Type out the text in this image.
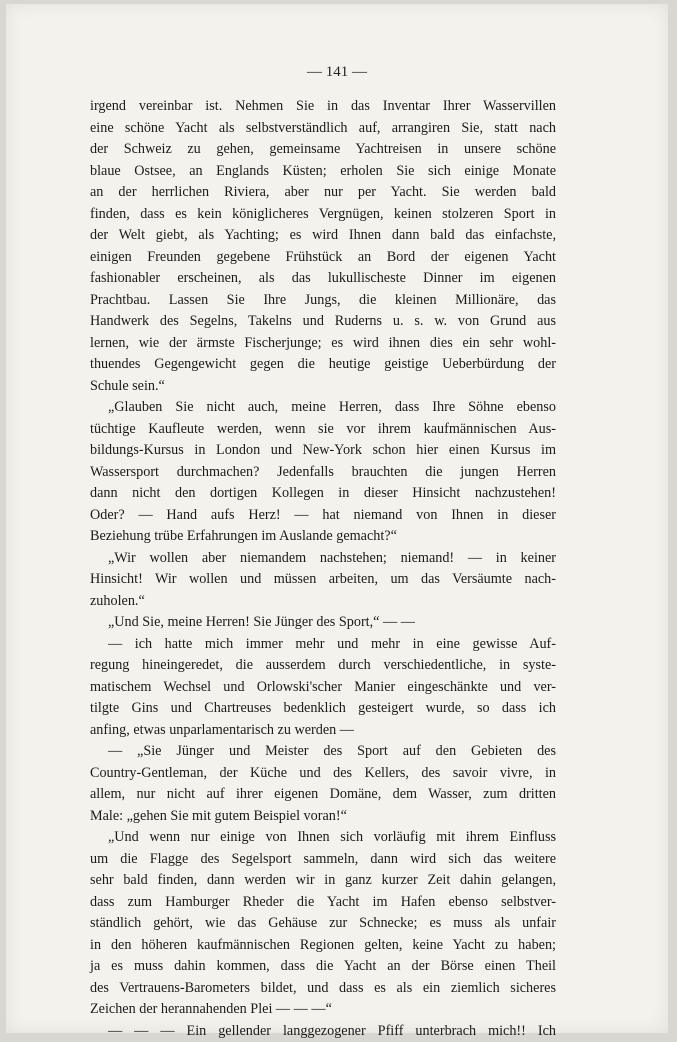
— 141 —
irgend vereinbar ist. Nehmen Sie in das Inventar Ihrer Wasservillen
eine schöne Yacht als selbstverständlich auf, arrangiren Sie, statt nach
der Schweiz zu gehen, gemeinsame Yachtreisen in unsere schöne
blaue Ostsee, an Englands Küsten; erholen Sie sich einige Monate
an der herrlichen Riviera, aber nur per Yacht. Sie werden bald
finden, dass es kein königlicheres Vergnügen, keinen stolzeren Sport in
der Welt giebt, als Yachting; es wird Ihnen dann bald das einfachste,
einigen Freunden gegebene Frühstück an Bord der eigenen Yacht
fashionabler erscheinen, als das lukullischeste Dinner im eigenen
Prachtbau. Lassen Sie Ihre Jungs, die kleinen Millionäre, das
Handwerk des Segelns, Takelns und Ruderns u. s. w. von Grund aus
lernen, wie der ärmste Fischerjunge; es wird ihnen dies ein sehr wohl-
thuendes Gegengewicht gegen die heutige geistige Ueberbürdung der
Schule sein.“
„Glauben Sie nicht auch, meine Herren, dass Ihre Söhne ebenso
tüchtige Kaufleute werden, wenn sie vor ihrem kaufmännischen Aus-
bildungs-Kursus in London und New-York schon hier einen Kursus im
Wassersport durchmachen? Jedenfalls brauchten die jungen Herren
dann nicht den dortigen Kollegen in dieser Hinsicht nachzustehen!
Oder? — Hand aufs Herz! — hat niemand von Ihnen in dieser
Beziehung trübe Erfahrungen im Auslande gemacht?“
„Wir wollen aber niemandem nachstehen; niemand! — in keiner
Hinsicht! Wir wollen und müssen arbeiten, um das Versäumte nach-
zuholen.“
„Und Sie, meine Herren! Sie Jünger des Sport,“ — —
— ich hatte mich immer mehr und mehr in eine gewisse Auf-
regung hineingeredet, die ausserdem durch verschiedentliche, in syste-
matischem Wechsel und Orlowski'scher Manier eingeschänkte und ver-
tilgte Gins und Chartreuses bedenklich gesteigert wurde, so dass ich
anfing, etwas unparlamentarisch zu werden —
— „Sie Jünger und Meister des Sport auf den Gebieten des
Country-Gentleman, der Küche und des Kellers, des savoir vivre, in
allem, nur nicht auf ihrer eigenen Domäne, dem Wasser, zum dritten
Male: „gehen Sie mit gutem Beispiel voran!“
„Und wenn nur einige von Ihnen sich vorläufig mit ihrem Einfluss
um die Flagge des Segelsport sammeln, dann wird sich das weitere
sehr bald finden, dann werden wir in ganz kurzer Zeit dahin gelangen,
dass zum Hamburger Rheder die Yacht im Hafen ebenso selbstver-
ständlich gehört, wie das Gehäuse zur Schnecke; es muss als unfair
in den höheren kaufmännischen Regionen gelten, keine Yacht zu haben;
ja es muss dahin kommen, dass die Yacht an der Börse einen Theil
des Vertrauens-Barometers bildet, und dass es als ein ziemlich sicheres
Zeichen der herannahenden Plei — — —“
— — — Ein gellender langgezogener Pfiff unterbrach mich!! Ich
